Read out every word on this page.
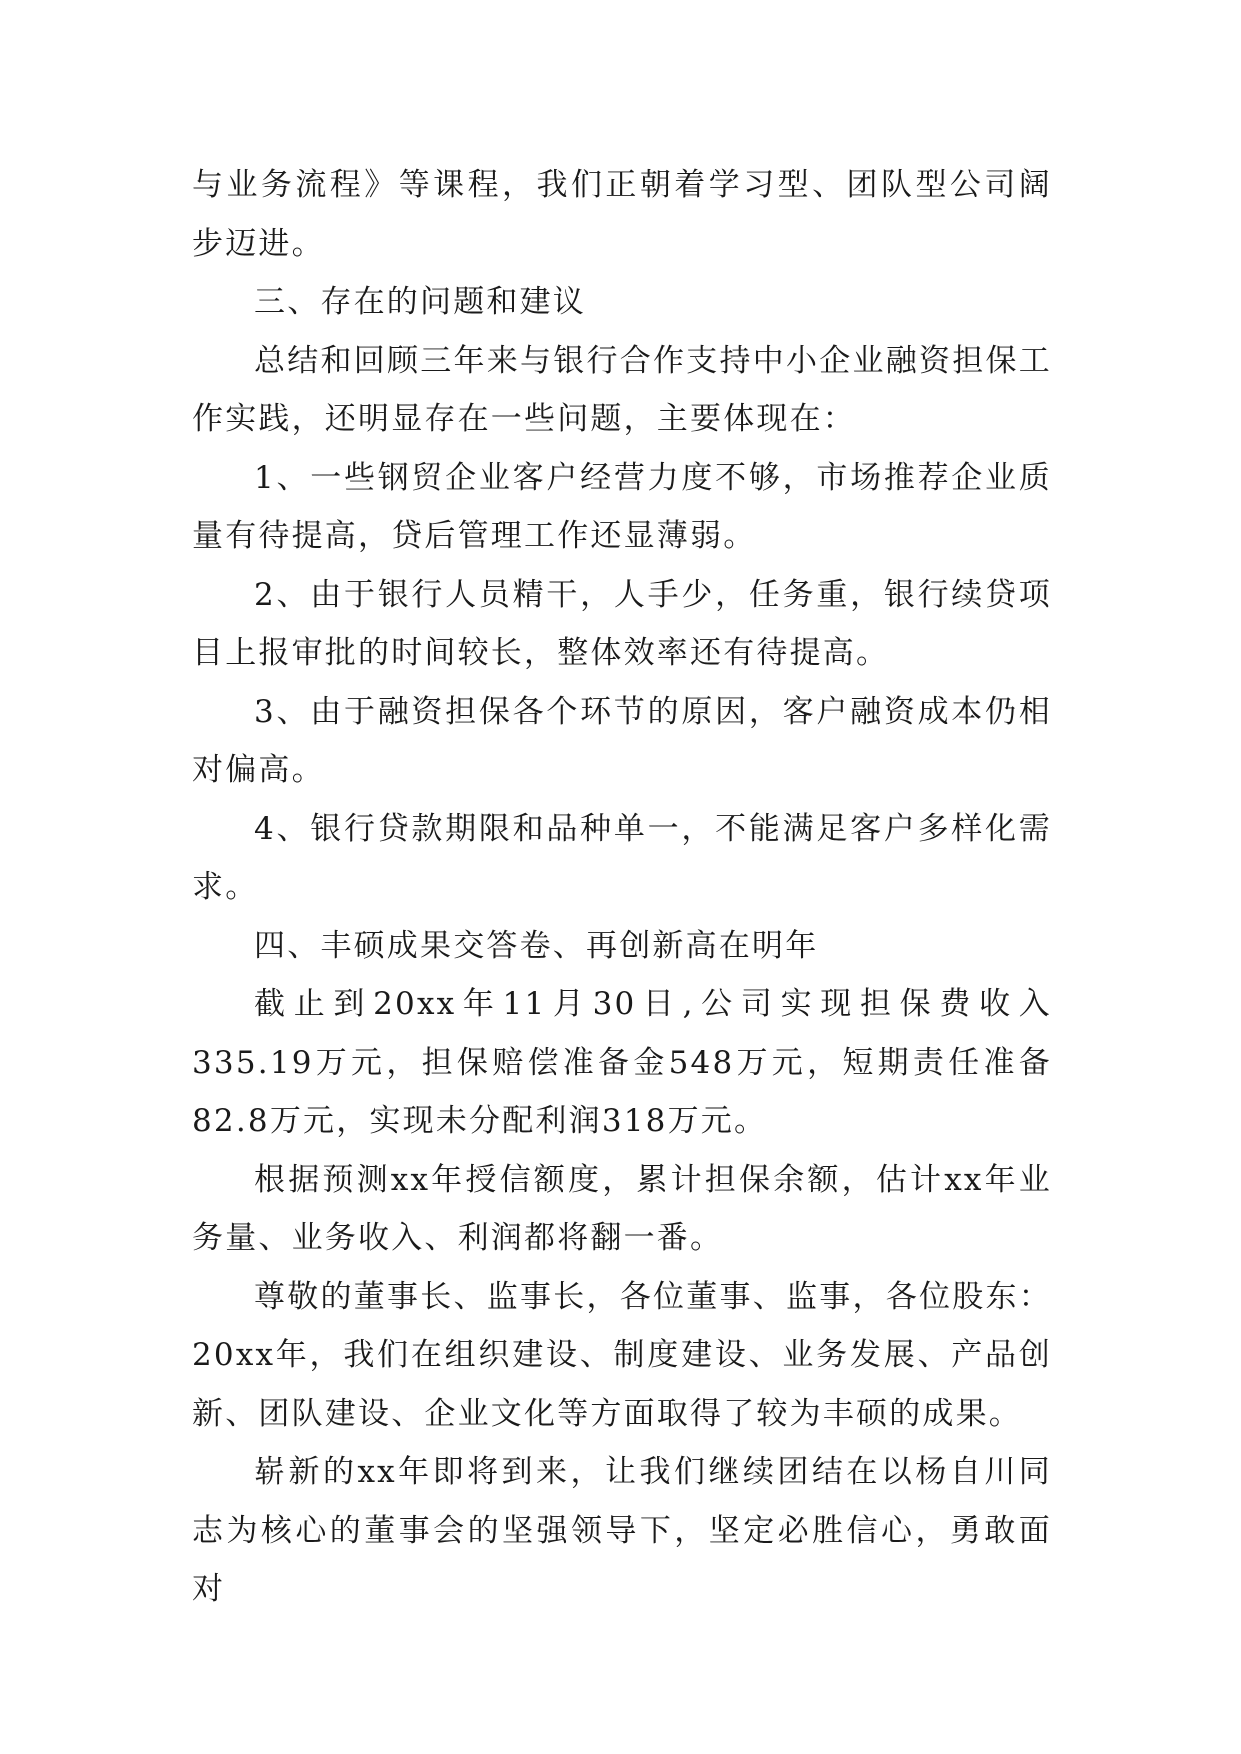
与业务流程》等课程，我们正朝着学习型、团队型公司阔步迈进。

三、存在的问题和建议

总结和回顾三年来与银行合作支持中小企业融资担保工作实践，还明显存在一些问题，主要体现在：

1、一些钢贸企业客户经营力度不够，市场推荐企业质量有待提高，贷后管理工作还显薄弱。

2、由于银行人员精干，人手少，任务重，银行续贷项目上报审批的时间较长，整体效率还有待提高。

3、由于融资担保各个环节的原因，客户融资成本仍相对偏高。

4、银行贷款期限和品种单一，不能满足客户多样化需求。

四、丰硕成果交答卷、再创新高在明年

截止到20xx年11月30日,公司实现担保费收入335.19万元，担保赔偿准备金548万元，短期责任准备82.8万元，实现未分配利润318万元。

根据预测xx年授信额度，累计担保余额，估计xx年业务量、业务收入、利润都将翻一番。

尊敬的董事长、监事长，各位董事、监事，各位股东：20xx年，我们在组织建设、制度建设、业务发展、产品创新、团队建设、企业文化等方面取得了较为丰硕的成果。

崭新的xx年即将到来，让我们继续团结在以杨自川同志为核心的董事会的坚强领导下，坚定必胜信心，勇敢面对
